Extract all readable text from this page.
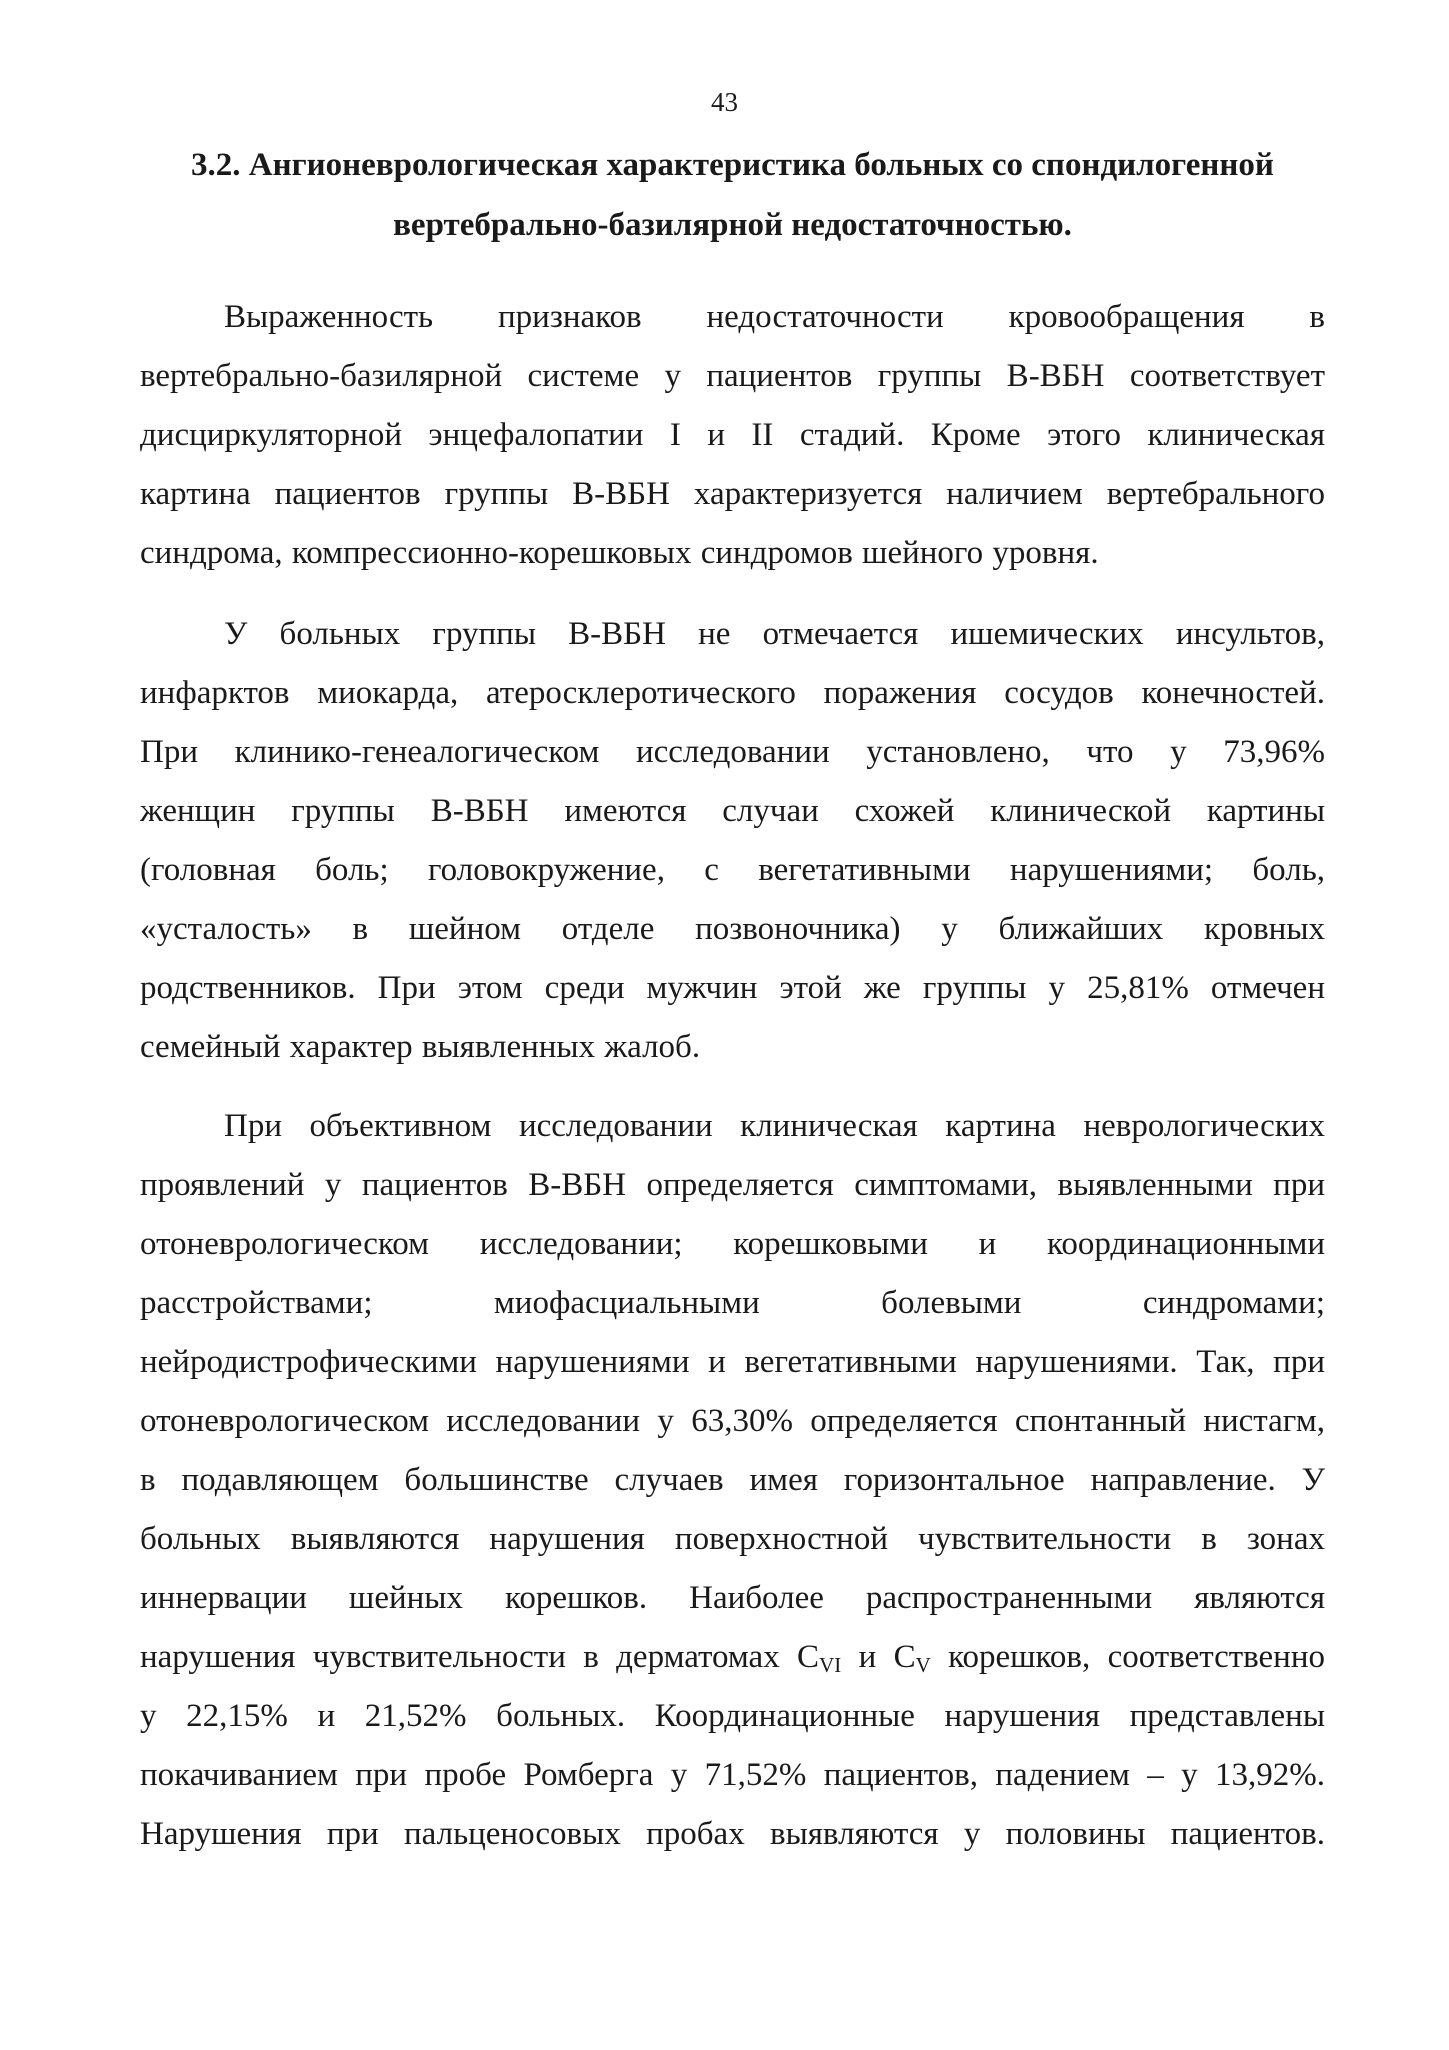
43
3.2. Ангионеврологическая характеристика больных со спондилогенной
вертебрально-базилярной недостаточностью.
Выраженность признаков недостаточности кровообращения в
вертебрально-базилярной системе у пациентов группы В-ВБН соответствует
дисциркуляторной энцефалопатии I и II стадий. Кроме этого клиническая
картина пациентов группы В-ВБН характеризуется наличием вертебрального
синдрома, компрессионно-корешковых синдромов шейного уровня.
У больных группы В-ВБН не отмечается ишемических инсультов,
инфарктов миокарда, атеросклеротического поражения сосудов конечностей.
При клинико-генеалогическом исследовании установлено, что у 73,96%
женщин группы В-ВБН имеются случаи схожей клинической картины
(головная боль; головокружение, с вегетативными нарушениями; боль,
«усталость» в шейном отделе позвоночника) у ближайших кровных
родственников. При этом среди мужчин этой же группы у 25,81% отмечен
семейный характер выявленных жалоб.
При объективном исследовании клиническая картина неврологических
проявлений у пациентов В-ВБН определяется симптомами, выявленными при
отоневрологическом исследовании; корешковыми и координационными
расстройствами; миофасциальными болевыми синдромами;
нейродистрофическими нарушениями и вегетативными нарушениями. Так, при
отоневрологическом исследовании у 63,30% определяется спонтанный нистагм,
в подавляющем большинстве случаев имея горизонтальное направление. У
больных выявляются нарушения поверхностной чувствительности в зонах
иннервации шейных корешков. Наиболее распространенными являются
нарушения чувствительности в дерматомах $C_{VI}$ и $C_V$ корешков, соответственно
у 22,15% и 21,52% больных. Координационные нарушения представлены
покачиванием при пробе Ромберга у 71,52% пациентов, падением – у 13,92%.
Нарушения при пальценосовых пробах выявляются у половины пациентов.
